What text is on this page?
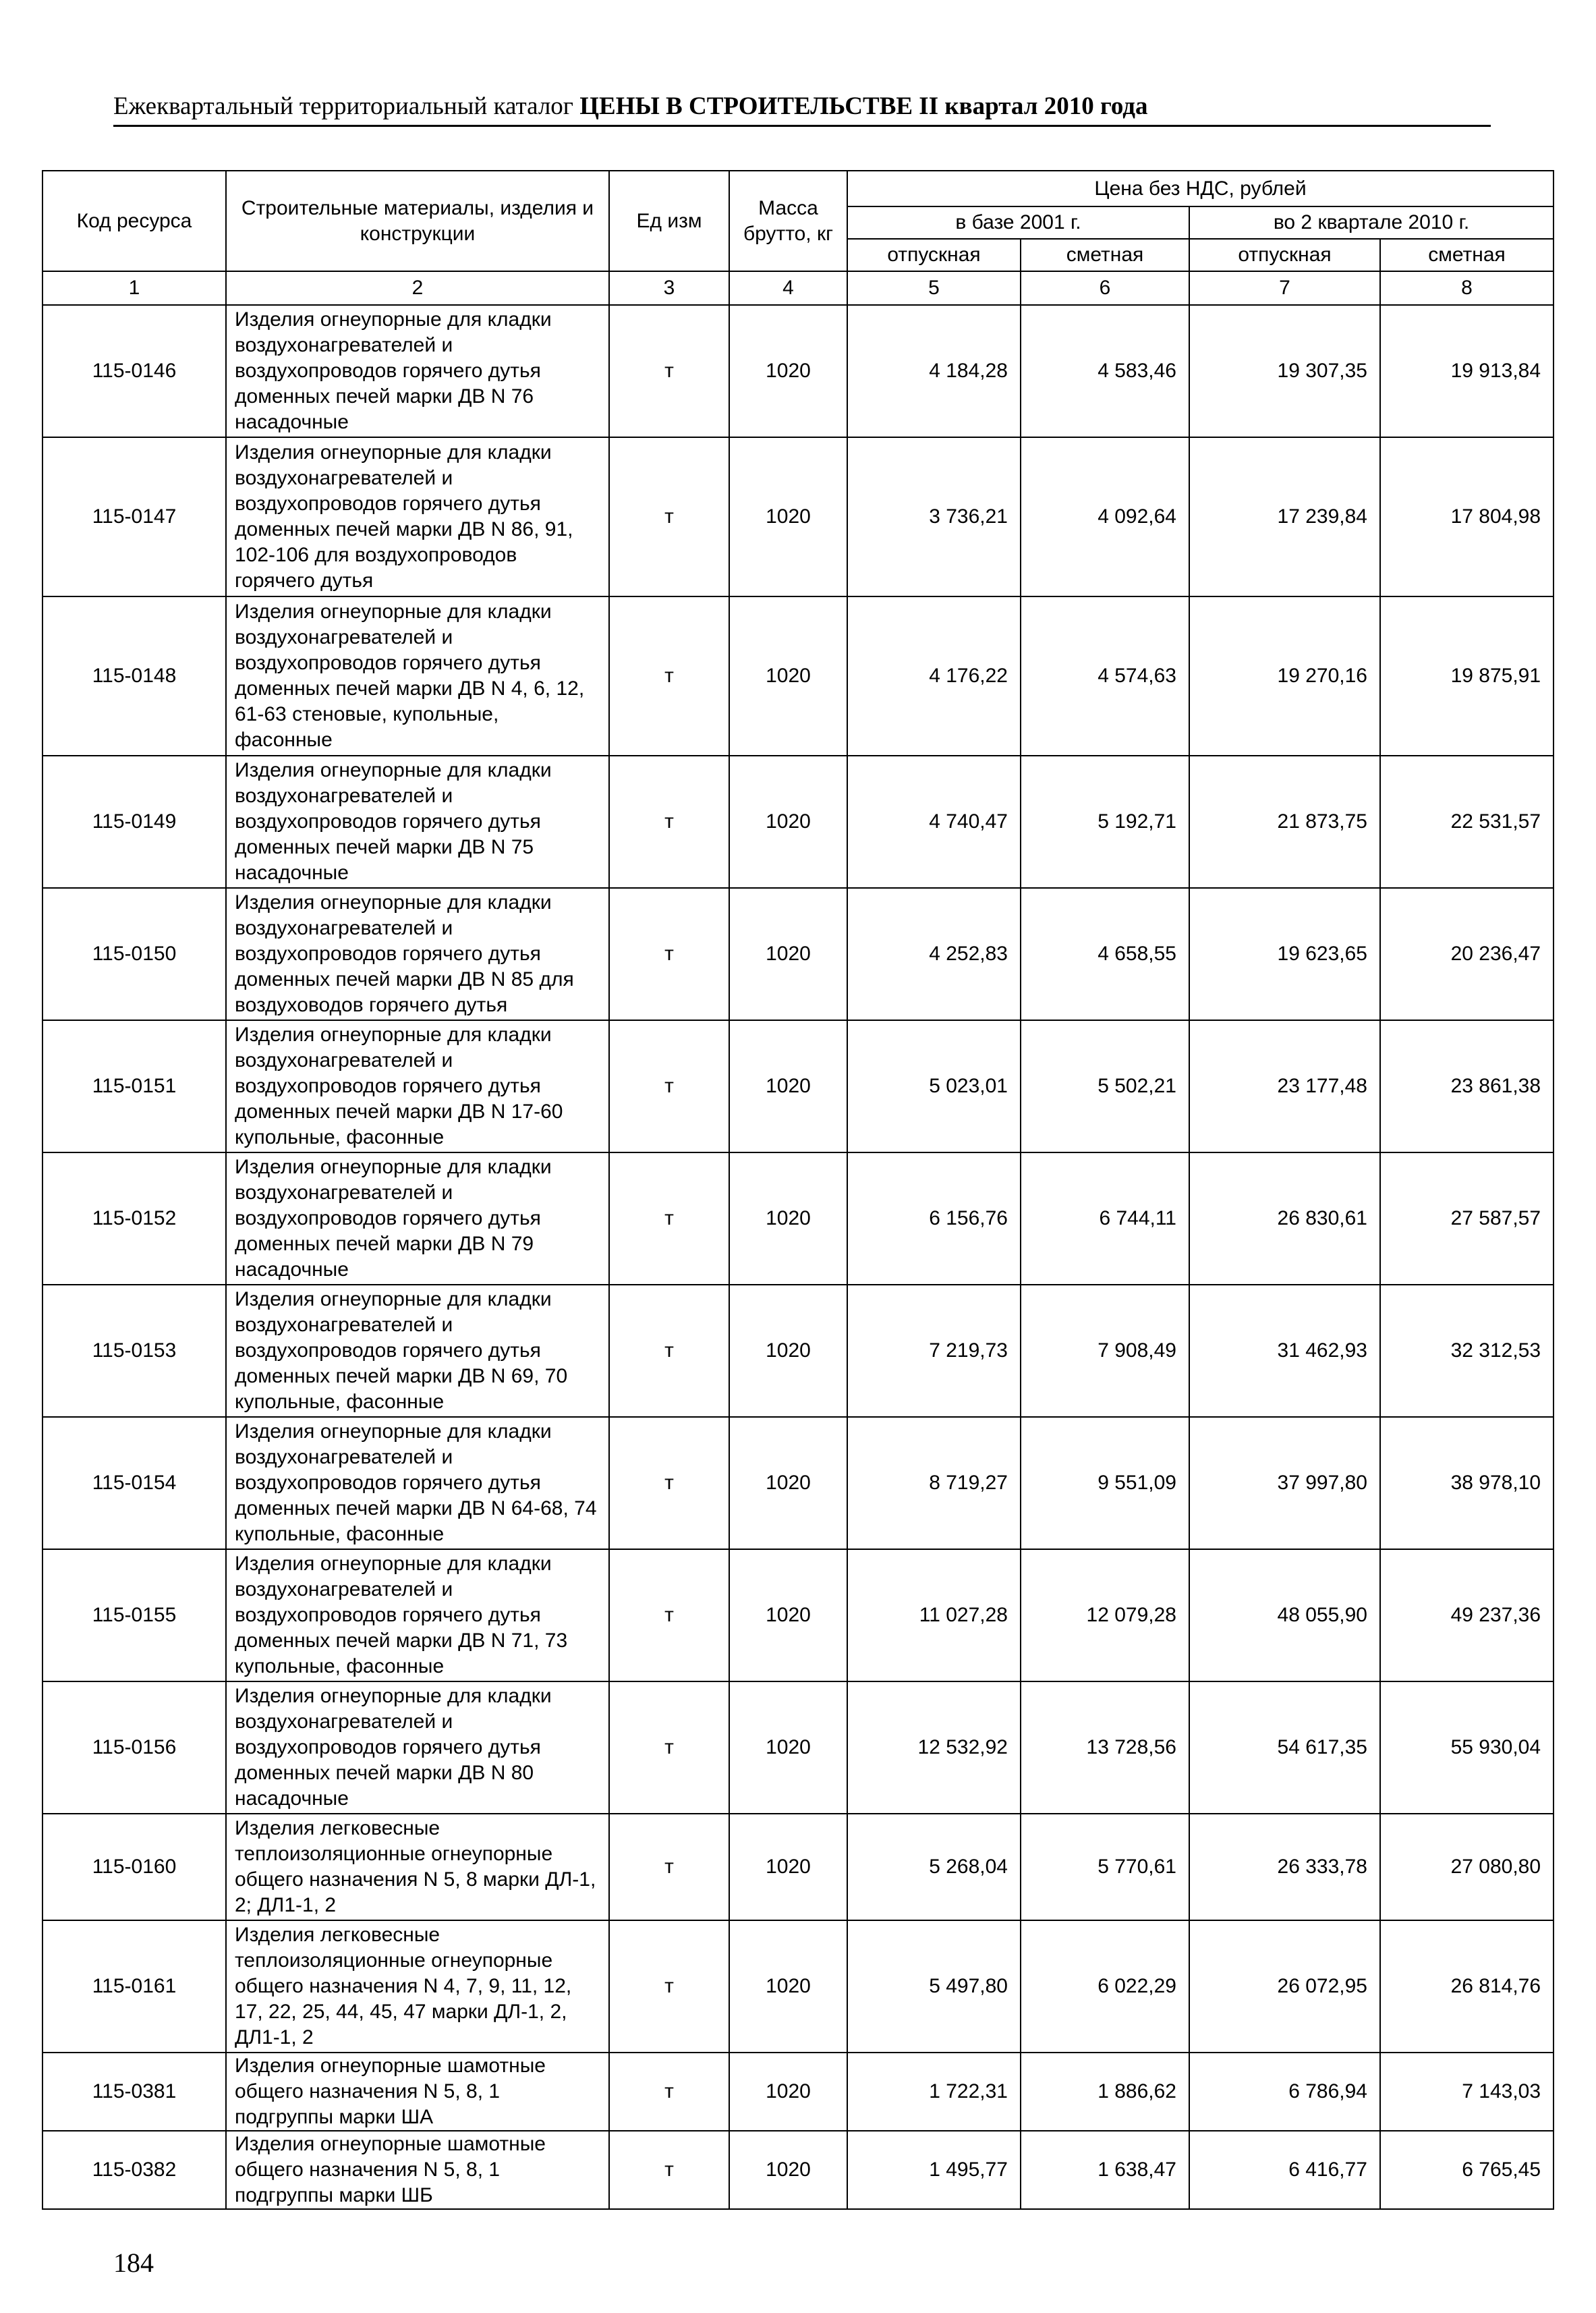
Ежеквартальный территориальный каталог ЦЕНЫ В СТРОИТЕЛЬСТВЕ II квартал 2010 года
Код ресурса	Строительные материалы, изделия и конструкции	Ед изм	Масса брутто, кг	Цена без НДС, рублей			
				в базе 2001 г.		во 2 квартале 2010 г.	
				отпускная	сметная	отпускная	сметная
1	2	3	4	5	6	7	8
115-0146	Изделия огнеупорные для кладки воздухонагревателей и воздухопроводов горячего дутья доменных печей марки ДВ N 76 насадочные	т	1020	4 184,28	4 583,46	19 307,35	19 913,84
115-0147	Изделия огнеупорные для кладки воздухонагревателей и воздухопроводов горячего дутья доменных печей марки ДВ N 86, 91, 102-106 для воздухопроводов горячего дутья	т	1020	3 736,21	4 092,64	17 239,84	17 804,98
115-0148	Изделия огнеупорные для кладки воздухонагревателей и воздухопроводов горячего дутья доменных печей марки ДВ N 4, 6, 12, 61-63 стеновые, купольные, фасонные	т	1020	4 176,22	4 574,63	19 270,16	19 875,91
115-0149	Изделия огнеупорные для кладки воздухонагревателей и воздухопроводов горячего дутья доменных печей марки ДВ N 75 насадочные	т	1020	4 740,47	5 192,71	21 873,75	22 531,57
115-0150	Изделия огнеупорные для кладки воздухонагревателей и воздухопроводов горячего дутья доменных печей марки ДВ N 85 для воздуховодов горячего дутья	т	1020	4 252,83	4 658,55	19 623,65	20 236,47
115-0151	Изделия огнеупорные для кладки воздухонагревателей и воздухопроводов горячего дутья доменных печей марки ДВ N 17-60 купольные, фасонные	т	1020	5 023,01	5 502,21	23 177,48	23 861,38
115-0152	Изделия огнеупорные для кладки воздухонагревателей и воздухопроводов горячего дутья доменных печей марки ДВ N 79 насадочные	т	1020	6 156,76	6 744,11	26 830,61	27 587,57
115-0153	Изделия огнеупорные для кладки воздухонагревателей и воздухопроводов горячего дутья доменных печей марки ДВ N 69, 70 купольные, фасонные	т	1020	7 219,73	7 908,49	31 462,93	32 312,53
115-0154	Изделия огнеупорные для кладки воздухонагревателей и воздухопроводов горячего дутья доменных печей марки ДВ N 64-68, 74 купольные, фасонные	т	1020	8 719,27	9 551,09	37 997,80	38 978,10
115-0155	Изделия огнеупорные для кладки воздухонагревателей и воздухопроводов горячего дутья доменных печей марки ДВ N 71, 73 купольные, фасонные	т	1020	11 027,28	12 079,28	48 055,90	49 237,36
115-0156	Изделия огнеупорные для кладки воздухонагревателей и воздухопроводов горячего дутья доменных печей марки ДВ N 80 насадочные	т	1020	12 532,92	13 728,56	54 617,35	55 930,04
115-0160	Изделия легковесные теплоизоляционные огнеупорные общего назначения N 5, 8 марки ДЛ-1, 2; ДЛ1-1, 2	т	1020	5 268,04	5 770,61	26 333,78	27 080,80
115-0161	Изделия легковесные теплоизоляционные огнеупорные общего назначения N 4, 7, 9, 11, 12, 17, 22, 25, 44, 45, 47 марки ДЛ-1, 2, ДЛ1-1, 2	т	1020	5 497,80	6 022,29	26 072,95	26 814,76
115-0381	Изделия огнеупорные шамотные общего назначения N 5, 8, 1 подгруппы марки ША	т	1020	1 722,31	1 886,62	6 786,94	7 143,03
115-0382	Изделия огнеупорные шамотные общего назначения N 5, 8, 1 подгруппы марки ШБ	т	1020	1 495,77	1 638,47	6 416,77	6 765,45
184
